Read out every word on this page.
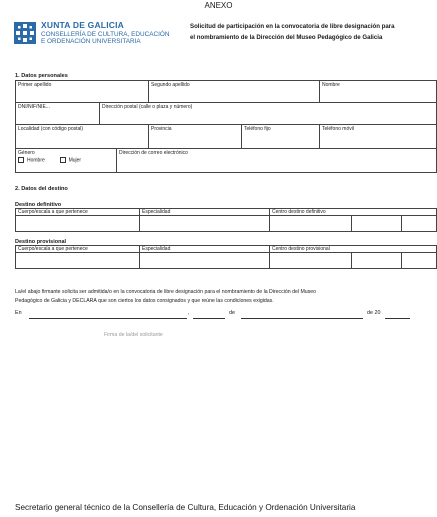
ANEXO
XUNTA DE GALICIA
CONSELLERÍA DE CULTURA, EDUCACIÓN
E ORDENACIÓN UNIVERSITARIA
Solicitud de participación en la convocatoria de libre designación para
el nombramiento de la Dirección del Museo Pedagógico de Galicia
1. Datos personales
Primer apellido	Segundo apellido	Nombre
DNI/NIF/NIE...	Dirección postal (calle o plaza y número)
Localidad (con código postal)	Provincia	Teléfono fijo	Teléfono móvil
Género
Hombre	Mujer
Dirección de correo electrónico
2. Datos del destino
Destino definitivo
Cuerpo/escala a que pertenece	Especialidad	Centro destino definitivo
Destino provisional
Cuerpo/escala a que pertenece	Especialidad	Centro destino provisional
La/el abajo firmante solicita ser admitida/o en la convocatoria de libre designación para el nombramiento de la Dirección del Museo
Pedagógico de Galicia y DECLARA que son ciertos los datos consignados y que reúne las condiciones exigidas.
En	,	de	de 20
Firma de la/del solicitante
Secretario general técnico de la Consellería de Cultura, Educación y Ordenación Universitaria
